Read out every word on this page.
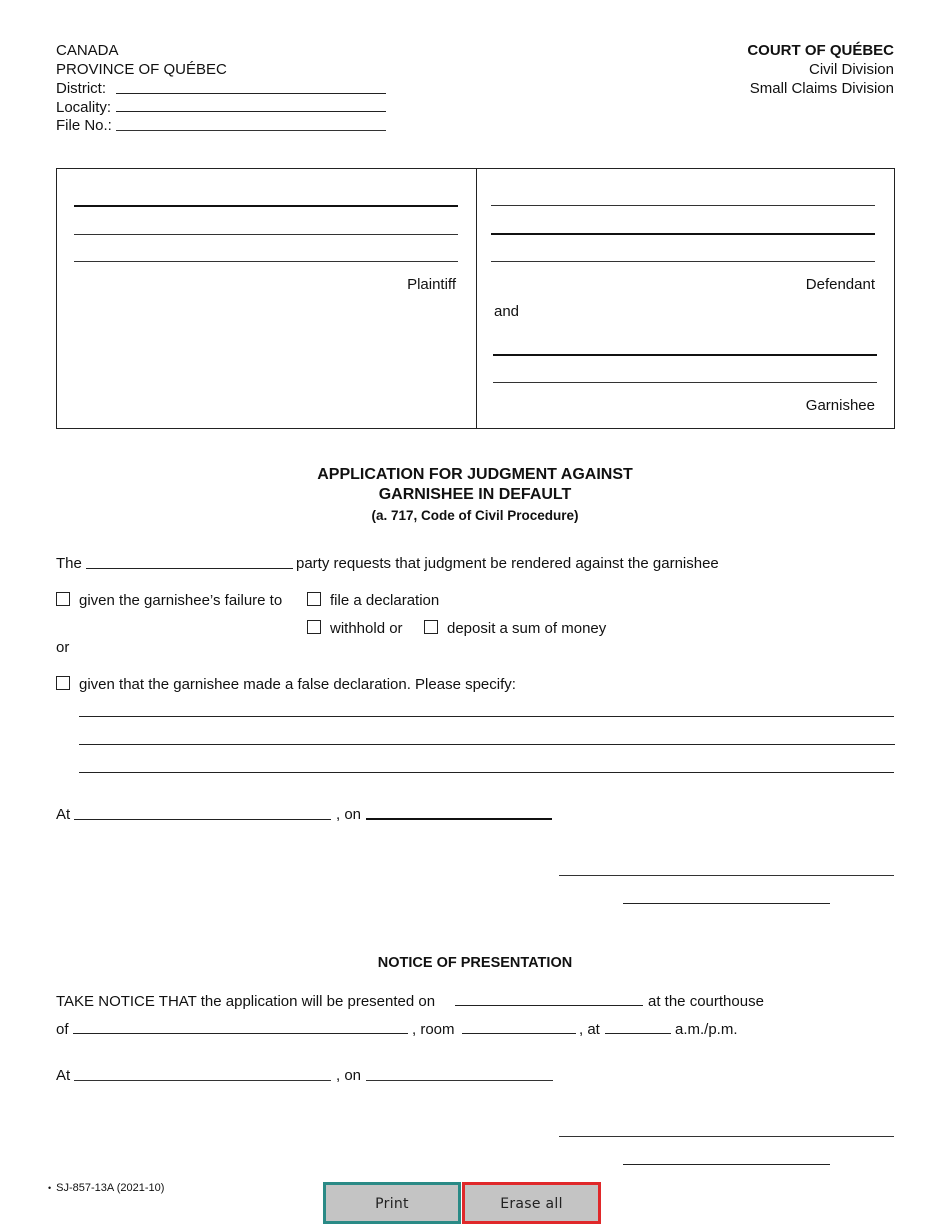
CANADA
PROVINCE OF QUÉBEC
District:
Locality:
File No.:
COURT OF QUÉBEC
Civil Division
Small Claims Division
Plaintiff	Defendant
and
Garnishee
APPLICATION FOR JUDGMENT AGAINST
GARNISHEE IN DEFAULT
(a. 717, Code of Civil Procedure)
The	party requests that judgment be rendered against the garnishee
given the garnishee’s failure to	file a declaration
withhold or	deposit a sum of money
or
given that the garnishee made a false declaration. Please specify:
At	, on
NOTICE OF PRESENTATION
TAKE NOTICE THAT the application will be presented on	at the courthouse
of	, room	, at	a.m./p.m.
At	, on
• SJ-857-13A (2021-10)
Print	Erase all
